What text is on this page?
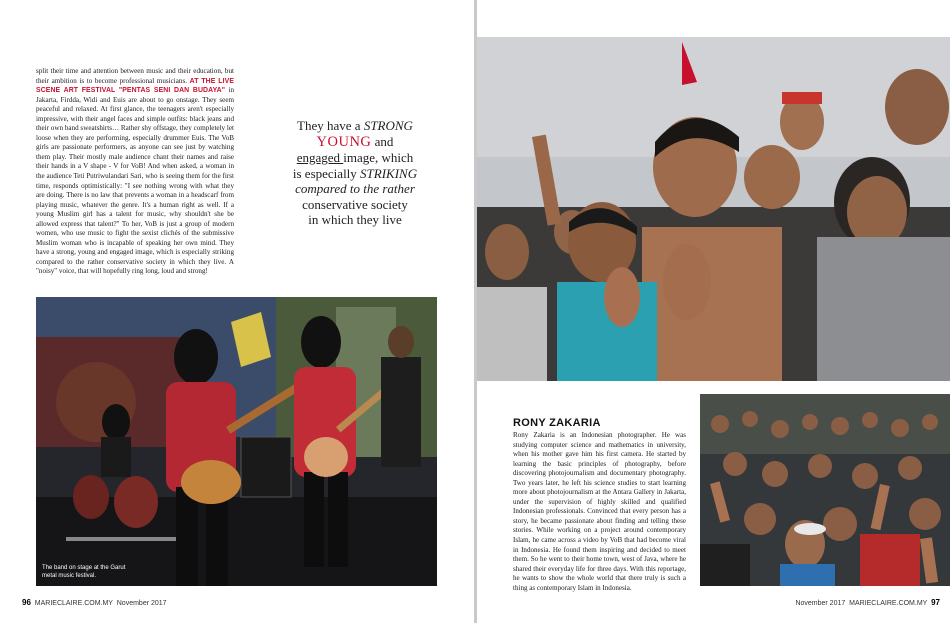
split their time and attention between music and their education, but their ambition is to become professional musicians. AT THE LIVE SCENE ART FESTIVAL "PENTAS SENI DAN BUDAYA" in Jakarta, Firdda, Widi and Euis are about to go onstage. They seem peaceful and relaxed. At first glance, the teenagers aren't especially impressive, with their angel faces and simple outfits: black jeans and their own band sweatshirts… Rather shy offstage, they completely let loose when they are performing, especially drummer Euis. The VoB girls are passionate performers, as anyone can see just by watching them play. Their mostly male audience chant their names and raise their hands in a V shape - V for VoB! And when asked, a woman in the audience Teti Putriwulandari Sari, who is seeing them for the first time, responds optimistically: "I see nothing wrong with what they are doing. There is no law that prevents a woman in a headscarf from playing music, whatever the genre. It's a human right as well. If a young Muslim girl has a talent for music, why shouldn't she be allowed express that talent?" To her, VoB is just a group of modern women, who use music to fight the sexist clichés of the submissive Muslim woman who is incapable of speaking her own mind. They have a strong, young and engaged image, which is especially striking compared to the rather conservative society in which they live. A "noisy" voice, that will hopefully ring long, loud and strong!
They have a STRONG
YOUNG and
engaged image, which
is especially STRIKING
compared to the rather
conservative society
in which they live
The band on stage at the Garut metal music festival.
96 MARIECLAIRE.COM.MY November 2017
RONY ZAKARIA
Rony Zakaria is an Indonesian photographer. He was studying computer science and mathematics in university, when his mother gave him his first camera. He started by learning the basic principles of photography, before discovering photojournalism and documentary photography. Two years later, he left his science studies to start learning more about photojournalism at the Antara Gallery in Jakarta, under the supervision of highly skilled and qualified Indonesian professionals. Convinced that every person has a story, he became passionate about finding and telling these stories. While working on a project around contemporary Islam, he came across a video by VoB that had become viral in Indonesia. He found them inspiring and decided to meet them. So he went to their home town, west of Java, where he shared their everyday life for three days. With this reportage, he wants to show the whole world that there truly is such a thing as contemporary Islam in Indonesia.
November 2017 MARIECLAIRE.COM.MY 97
